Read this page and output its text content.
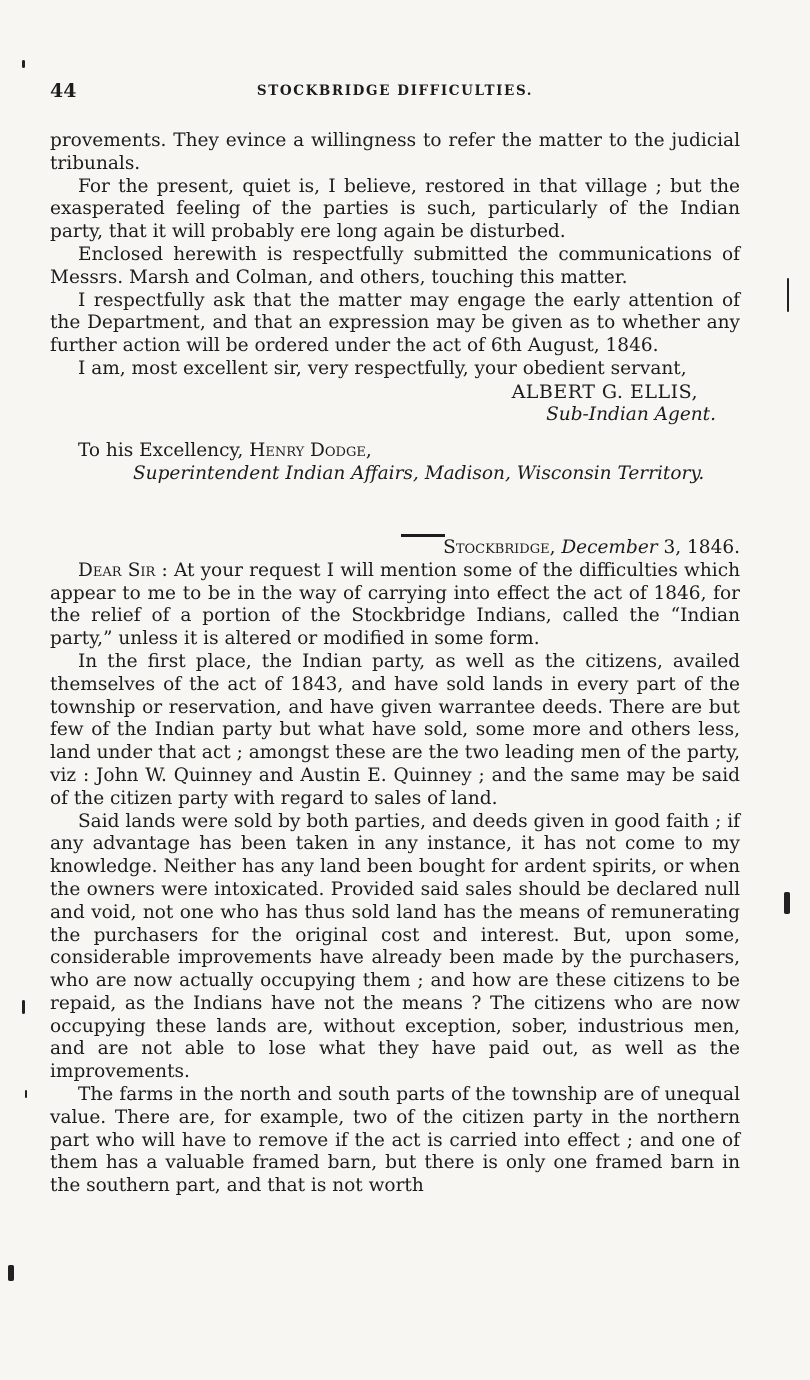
44	STOCKBRIDGE DIFFICULTIES.

provements. They evince a willingness to refer the matter to the judicial tribunals.

For the present, quiet is, I believe, restored in that village ; but the exasperated feeling of the parties is such, particularly of the Indian party, that it will probably ere long again be disturbed.

Enclosed herewith is respectfully submitted the communications of Messrs. Marsh and Colman, and others, touching this matter.

I respectfully ask that the matter may engage the early attention of the Department, and that an expression may be given as to whether any further action will be ordered under the act of 6th August, 1846.

I am, most excellent sir, very respectfully, your obedient servant,

ALBERT G. ELLIS,

Sub-Indian Agent.

To his Excellency, Henry Dodge,

Superintendent Indian Affairs, Madison, Wisconsin Territory.

Stockbridge, December 3, 1846.

Dear Sir : At your request I will mention some of the difficulties which appear to me to be in the way of carrying into effect the act of 1846, for the relief of a portion of the Stockbridge Indians, called the “Indian party,” unless it is altered or modified in some form.

In the first place, the Indian party, as well as the citizens, availed themselves of the act of 1843, and have sold lands in every part of the township or reservation, and have given warrantee deeds. There are but few of the Indian party but what have sold, some more and others less, land under that act ; amongst these are the two leading men of the party, viz : John W. Quinney and Austin E. Quinney ; and the same may be said of the citizen party with regard to sales of land.

Said lands were sold by both parties, and deeds given in good faith ; if any advantage has been taken in any instance, it has not come to my knowledge. Neither has any land been bought for ardent spirits, or when the owners were intoxicated. Provided said sales should be declared null and void, not one who has thus sold land has the means of remunerating the purchasers for the original cost and interest. But, upon some, considerable improvements have already been made by the purchasers, who are now actually occupying them ; and how are these citizens to be repaid, as the Indians have not the means ? The citizens who are now occupying these lands are, without exception, sober, industrious men, and are not able to lose what they have paid out, as well as the improvements.

The farms in the north and south parts of the township are of unequal value. There are, for example, two of the citizen party in the northern part who will have to remove if the act is carried into effect ; and one of them has a valuable framed barn, but there is only one framed barn in the southern part, and that is not worth
